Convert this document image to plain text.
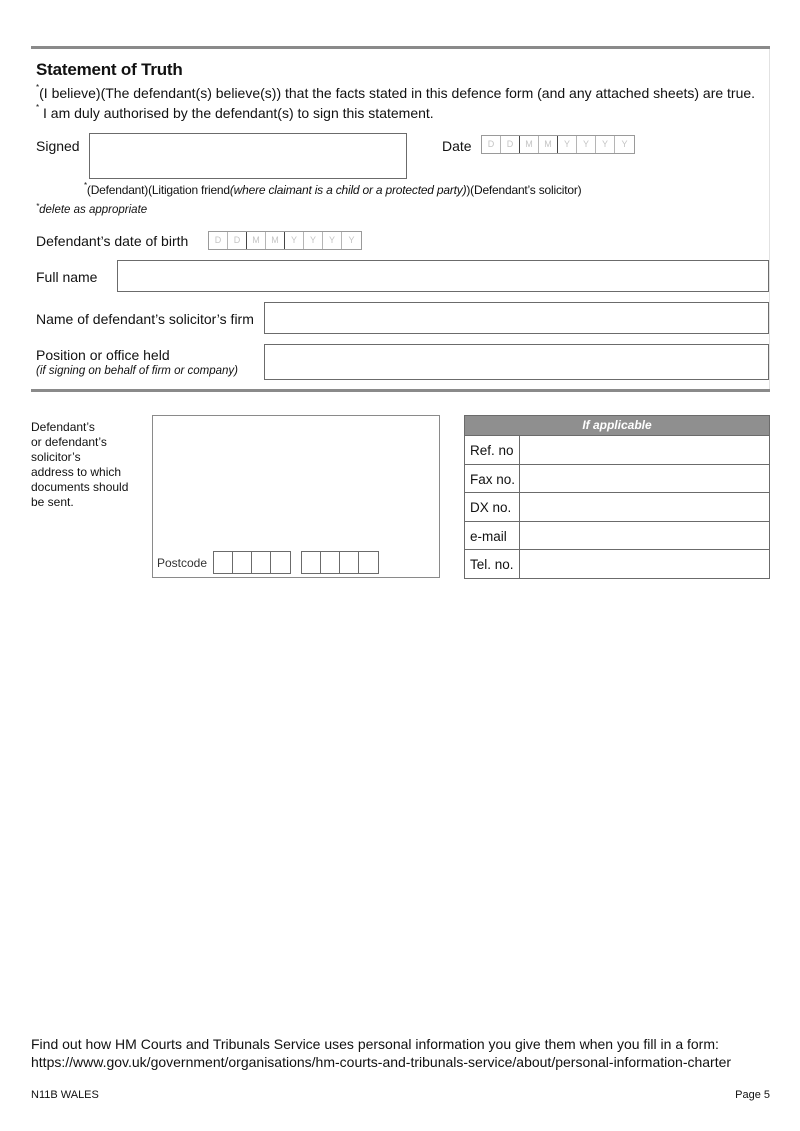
Statement of Truth
*(I believe)(The defendant(s) believe(s)) that the facts stated in this defence form (and any attached sheets) are true.
* I am duly authorised by the defendant(s) to sign this statement.
Signed	Date	D	D	M	M	Y	Y	Y	Y
*(Defendant)(Litigation friend(where claimant is a child or a protected party))(Defendant’s solicitor)
*delete as appropriate
Defendant’s date of birth	D	D	M	M	Y	Y	Y	Y
Full name
Name of defendant’s solicitor’s firm
Position or office held
(if signing on behalf of firm or company)
Defendant’s
or defendant’s
solicitor’s
address to which
documents should
be sent.
Postcode
If applicable
Ref. no
Fax no.
DX no.
e-mail
Tel. no.
Find out how HM Courts and Tribunals Service uses personal information you give them when you fill in a form:
https://www.gov.uk/government/organisations/hm-courts-and-tribunals-service/about/personal-information-charter
N11B WALES	Page 5
